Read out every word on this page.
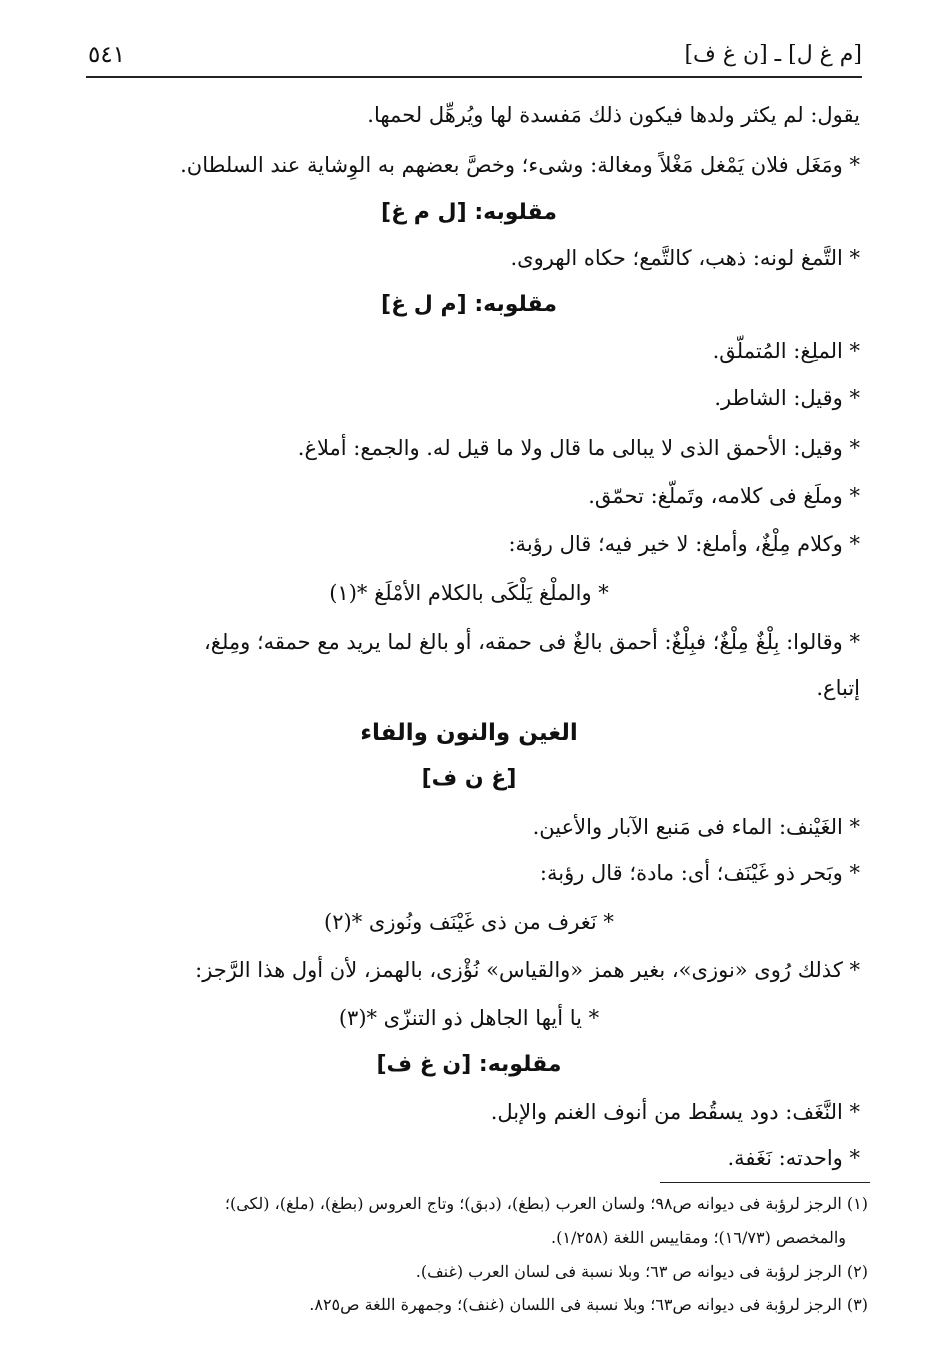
٥٤١	[م غ ل] ـ [ن غ ف]
يقول: لم يكثر ولدها فيكون ذلك مَفسدة لها ويُرهِّل لحمها.
* ومَغَل فلان يَمْغل مَغْلاً ومغالة: وشىء؛ وخصَّ بعضهم به الوِشاية عند السلطان.
مقلوبه: [ل م غ]
* التَّمغ لونه: ذهب، كالتَّمع؛ حكاه الهروى.
مقلوبه: [م ل غ]
* الملِغ: المُتملّق.
* وقيل: الشاطر.
* وقيل: الأحمق الذى لا يبالى ما قال ولا ما قيل له. والجمع: أملاغ.
* وملَغ فى كلامه، وتَملّغ: تحمّق.
* وكلام مِلْغٌ، وأملغ: لا خير فيه؛ قال رؤبة:
* والملْغ يَلْكَى بالكلام الأمْلَغ *(١)
* وقالوا: بِلْغٌ مِلْغٌ؛ فبِلْغٌ: أحمق بالغٌ فى حمقه، أو بالغ لما يريد مع حمقه؛ ومِلغ،
إتباع.
الغين والنون والفاء
[غ ن ف]
* الغَيْنف: الماء فى مَنبع الآبار والأعين.
* وبَحر ذو غَيْنَف؛ أى: مادة؛ قال رؤبة:
* نَغرف من ذى غَيْنَف ونُوزى *(٢)
* كذلك رُوى «نوزى»، بغير همز «والقياس» نُؤْزى، بالهمز، لأن أول هذا الرَّجز:
* يا أيها الجاهل ذو التنزّى *(٣)
مقلوبه: [ن غ ف]
* النَّغَف: دود يسقُط من أنوف الغنم والإبل.
* واحدته: نَغَفة.
(١) الرجز لرؤبة فى ديوانه ص٩٨؛ ولسان العرب (بطغ)، (دبق)؛ وتاج العروس (بطغ)، (ملغ)، (لكى)؛
والمخصص (١٦/٧٣)؛ ومقاييس اللغة (١/٢٥٨).
(٢) الرجز لرؤبة فى ديوانه ص ٦٣؛ وبلا نسبة فى لسان العرب (غنف).
(٣) الرجز لرؤبة فى ديوانه ص٦٣؛ وبلا نسبة فى اللسان (غنف)؛ وجمهرة اللغة ص٨٢٥.
